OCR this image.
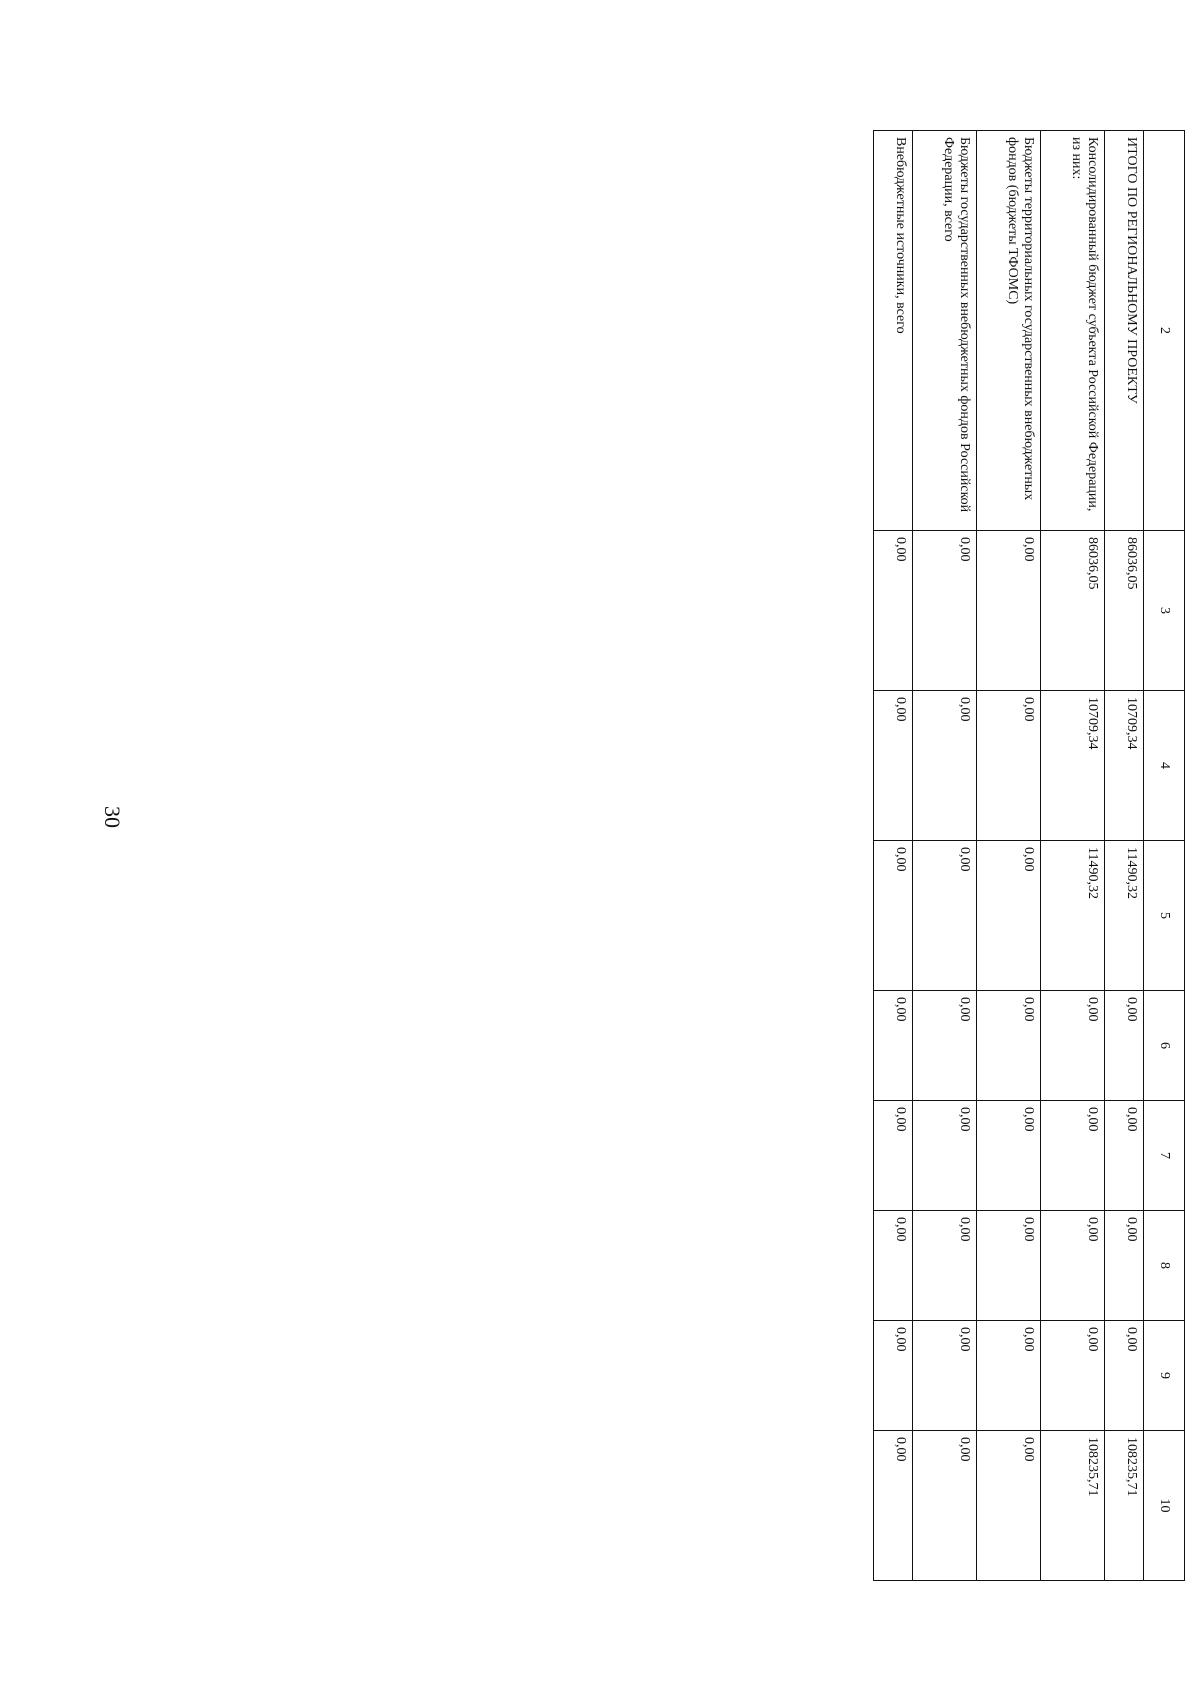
30
2	3	4	5	6	7	8	9	10
ИТОГО ПО РЕГИОНАЛЬНОМУ ПРОЕКТУ	86036,05	10709,34	11490,32	0,00	0,00	0,00	0,00	108235,71
Консолидированный бюджет субъекта Российской Федерации, из них:	86036,05	10709,34	11490,32	0,00	0,00	0,00	0,00	108235,71
Бюджеты территориальных государственных внебюджетных фондов (бюджеты ТФОМС)	0,00	0,00	0,00	0,00	0,00	0,00	0,00	0,00
Бюджеты государственных внебюджетных фондов Российской Федерации, всего	0,00	0,00	0,00	0,00	0,00	0,00	0,00	0,00
Внебюджетные источники, всего	0,00	0,00	0,00	0,00	0,00	0,00	0,00	0,00
